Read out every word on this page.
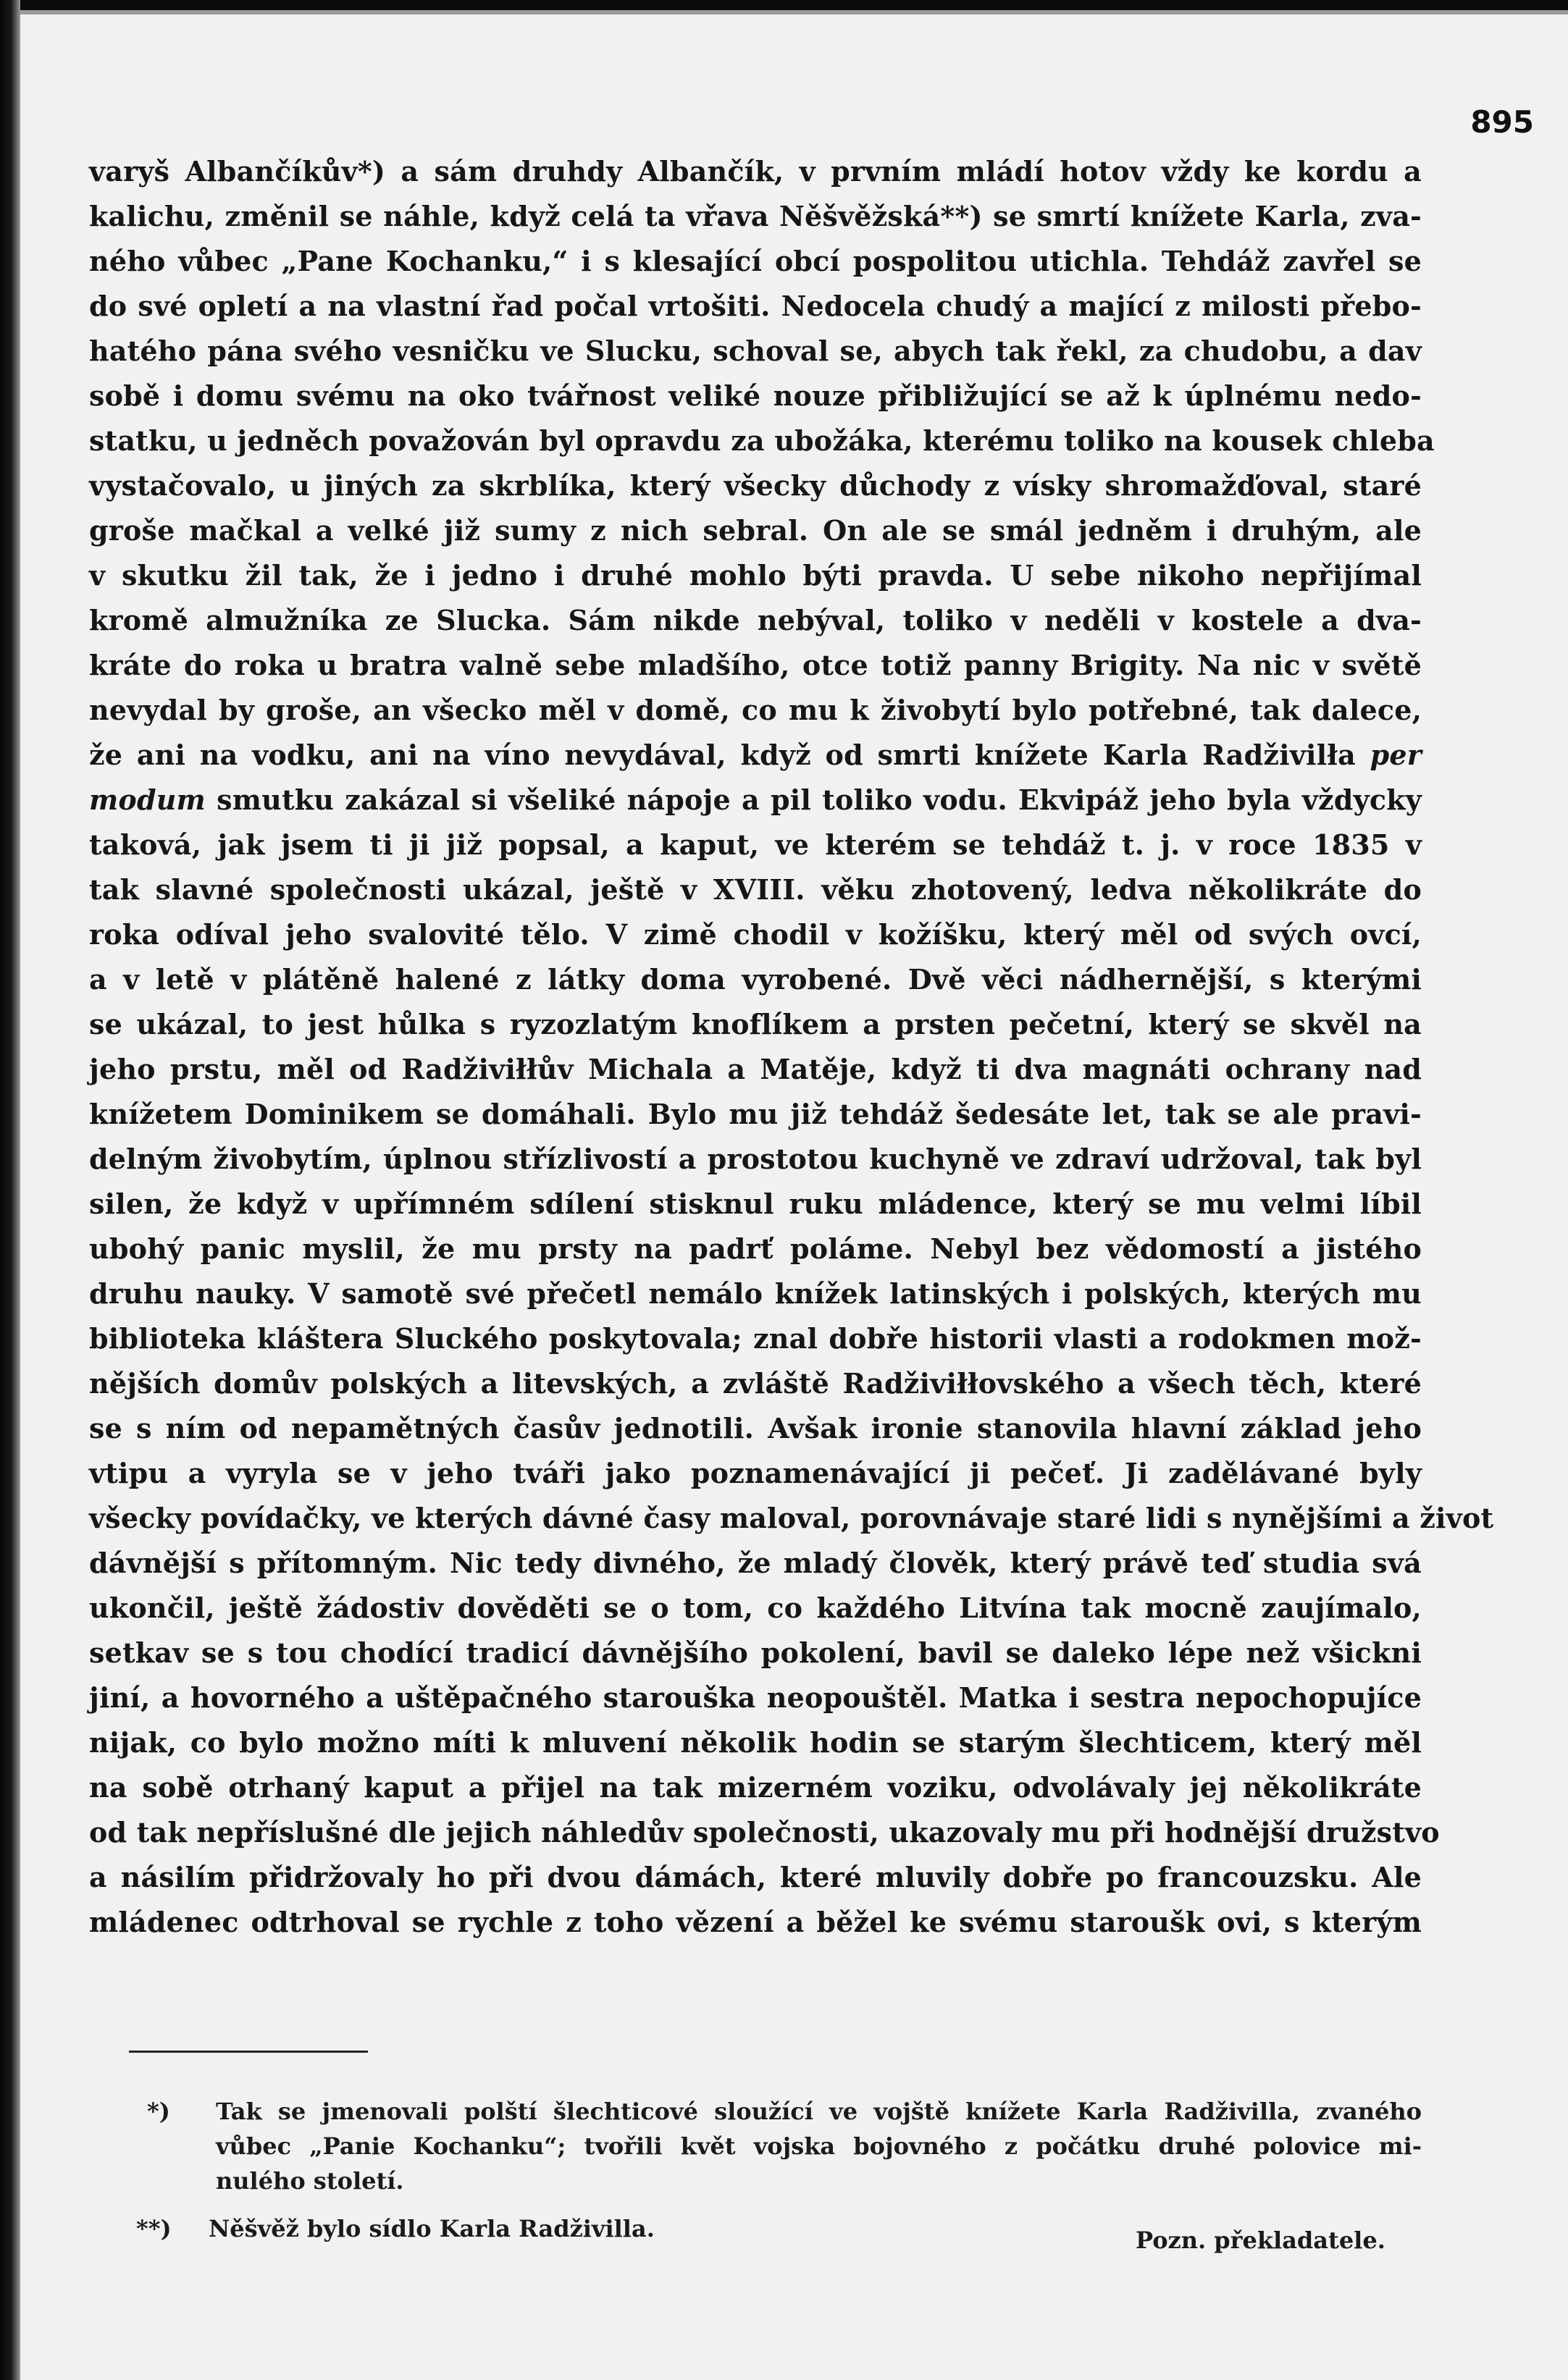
895
varyš Albančíkův*) a sám druhdy Albančík, v prvním mládí hotov vždy ke kordu a
kalichu, změnil se náhle, když celá ta vřava Něšvěžská**) se smrtí knížete Karla, zva-
ného vůbec „Pane Kochanku,“ i s klesající obcí pospolitou utichla. Tehdáž zavřel se
do své opletí a na vlastní řad počal vrtošiti. Nedocela chudý a mající z milosti přebo-
hatého pána svého vesničku ve Slucku, schoval se, abych tak řekl, za chudobu, a dav
sobě i domu svému na oko tvářnost veliké nouze přibližující se až k úplnému nedo-
statku, u jedněch považován byl opravdu za ubožáka, kterému toliko na kousek chleba
vystačovalo, u jiných za skrblíka, který všecky důchody z vísky shromažďoval, staré
groše mačkal a velké již sumy z nich sebral. On ale se smál jedněm i druhým, ale
v skutku žil tak, že i jedno i druhé mohlo býti pravda. U sebe nikoho nepřijímal
kromě almužníka ze Slucka. Sám nikde nebýval, toliko v neděli v kostele a dva-
kráte do roka u bratra valně sebe mladšího, otce totiž panny Brigity. Na nic v světě
nevydal by groše, an všecko měl v domě, co mu k živobytí bylo potřebné, tak dalece,
že ani na vodku, ani na víno nevydával, když od smrti knížete Karla Radživilła per
modum smutku zakázal si všeliké nápoje a pil toliko vodu. Ekvipáž jeho byla vždycky
taková, jak jsem ti ji již popsal, a kaput, ve kterém se tehdáž t. j. v roce 1835 v
tak slavné společnosti ukázal, ještě v XVIII. věku zhotovený, ledva několikráte do
roka odíval jeho svalovité tělo. V zimě chodil v kožíšku, který měl od svých ovcí,
a v letě v plátěně halené z látky doma vyrobené. Dvě věci nádhernější, s kterými
se ukázal, to jest hůlka s ryzozlatým knoflíkem a prsten pečetní, který se skvěl na
jeho prstu, měl od Radživiłłův Michala a Matěje, když ti dva magnáti ochrany nad
knížetem Dominikem se domáhali. Bylo mu již tehdáž šedesáte let, tak se ale pravi-
delným živobytím, úplnou střízlivostí a prostotou kuchyně ve zdraví udržoval, tak byl
silen, že když v upřímném sdílení stisknul ruku mládence, který se mu velmi líbil
ubohý panic myslil, že mu prsty na padrť poláme. Nebyl bez vědomostí a jistého
druhu nauky. V samotě své přečetl nemálo knížek latinských i polských, kterých mu
biblioteka kláštera Sluckého poskytovala; znal dobře historii vlasti a rodokmen mož-
nějších domův polských a litevských, a zvláště Radživiłłovského a všech těch, které
se s ním od nepamětných časův jednotili. Avšak ironie stanovila hlavní základ jeho
vtipu a vyryla se v jeho tváři jako poznamenávající ji pečeť. Ji zadělávané byly
všecky povídačky, ve kterých dávné časy maloval, porovnávaje staré lidi s nynějšími a život
dávnější s přítomným. Nic tedy divného, že mladý člověk, který právě teď studia svá
ukončil, ještě žádostiv dověděti se o tom, co každého Litvína tak mocně zaujímalo,
setkav se s tou chodící tradicí dávnějšího pokolení, bavil se daleko lépe než všickni
jiní, a hovorného a uštěpačného starouška neopouštěl. Matka i sestra nepochopujíce
nijak, co bylo možno míti k mluvení několik hodin se starým šlechticem, který měl
na sobě otrhaný kaput a přijel na tak mizerném voziku, odvolávaly jej několikráte
od tak nepříslušné dle jejich náhledův společnosti, ukazovaly mu při hodnější družstvo
a násilím přidržovaly ho při dvou dámách, které mluvily dobře po francouzsku. Ale
mládenec odtrhoval se rychle z toho vězení a běžel ke svému staroušk ovi, s kterým
*) Tak se jmenovali polští šlechticové sloužící ve vojště knížete Karla Radživilla, zvaného
vůbec „Panie Kochanku“; tvořili květ vojska bojovného z počátku druhé polovice mi-
nulého století.
**) Něšvěž bylo sídlo Karla Radživilla.	Pozn. překladatele.
